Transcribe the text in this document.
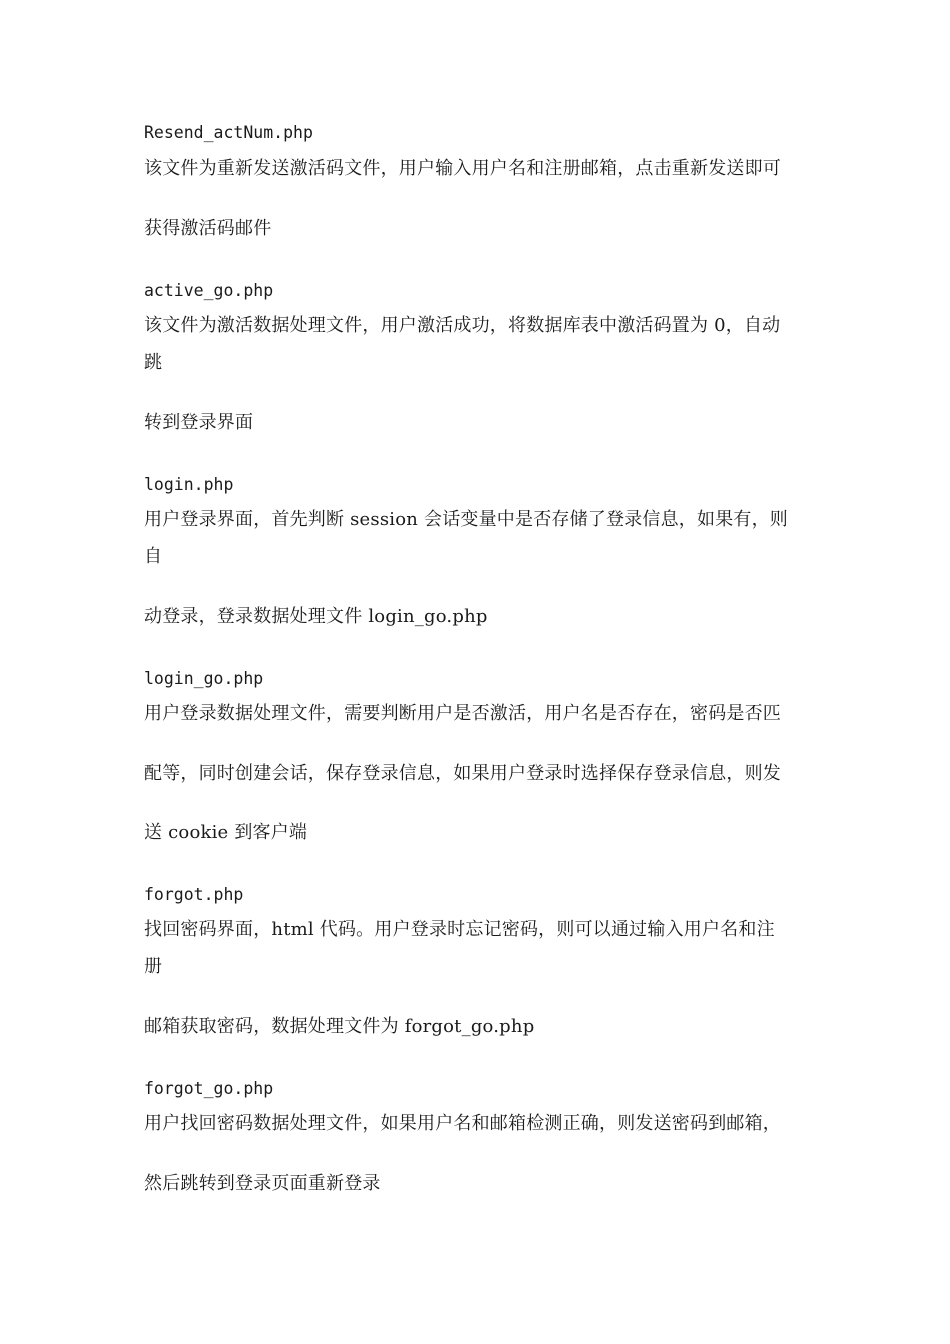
Resend_actNum.php
该文件为重新发送激活码文件，用户输入用户名和注册邮箱，点击重新发送即可
获得激活码邮件
active_go.php
该文件为激活数据处理文件，用户激活成功，将数据库表中激活码置为 0，自动
跳
转到登录界面
login.php
用户登录界面，首先判断 session 会话变量中是否存储了登录信息，如果有，则
自
动登录，登录数据处理文件 login_go.php
login_go.php
用户登录数据处理文件，需要判断用户是否激活，用户名是否存在，密码是否匹
配等，同时创建会话，保存登录信息，如果用户登录时选择保存登录信息，则发
送 cookie 到客户端
forgot.php
找回密码界面，html 代码。用户登录时忘记密码，则可以通过输入用户名和注
册
邮箱获取密码，数据处理文件为 forgot_go.php
forgot_go.php
用户找回密码数据处理文件，如果用户名和邮箱检测正确，则发送密码到邮箱，
然后跳转到登录页面重新登录
